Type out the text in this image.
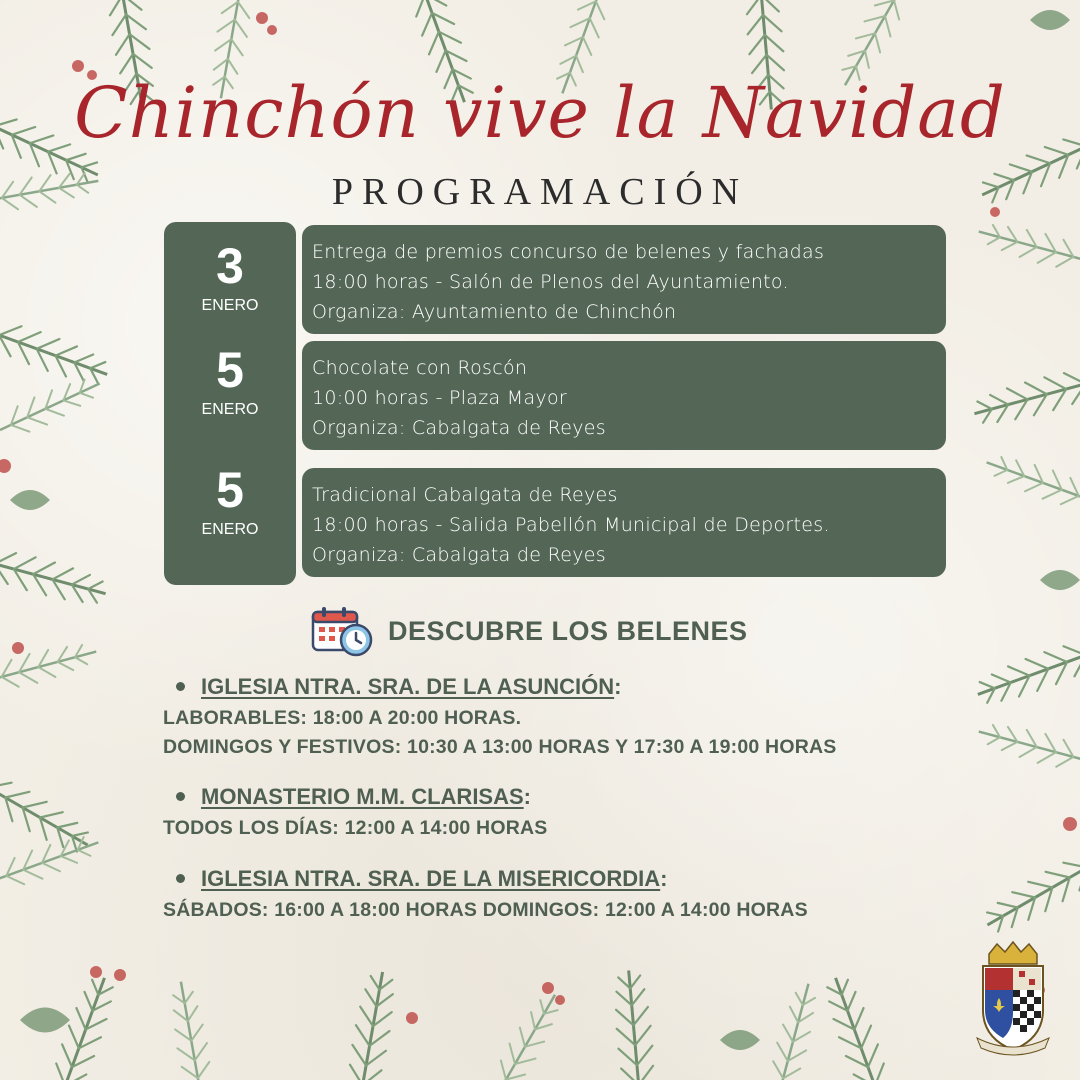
Chinchón vive la Navidad
PROGRAMACIÓN
3
ENERO
5
ENERO
5
ENERO
Entrega de premios concurso de belenes y fachadas
18:00 horas - Salón de Plenos del Ayuntamiento.
Organiza: Ayuntamiento de Chinchón
Chocolate con Roscón
10:00 horas - Plaza Mayor
Organiza: Cabalgata de Reyes
Tradicional Cabalgata de Reyes
18:00 horas - Salida Pabellón Municipal de Deportes.
Organiza: Cabalgata de Reyes
DESCUBRE LOS BELENES
IGLESIA NTRA. SRA. DE LA ASUNCIÓN:
LABORABLES: 18:00 A 20:00 HORAS.
DOMINGOS Y FESTIVOS: 10:30 A 13:00 HORAS Y 17:30 A 19:00 HORAS
MONASTERIO M.M. CLARISAS:
TODOS LOS DÍAS: 12:00 A 14:00 HORAS
IGLESIA NTRA. SRA. DE LA MISERICORDIA:
SÁBADOS: 16:00 A 18:00 HORAS DOMINGOS: 12:00 A 14:00 HORAS
